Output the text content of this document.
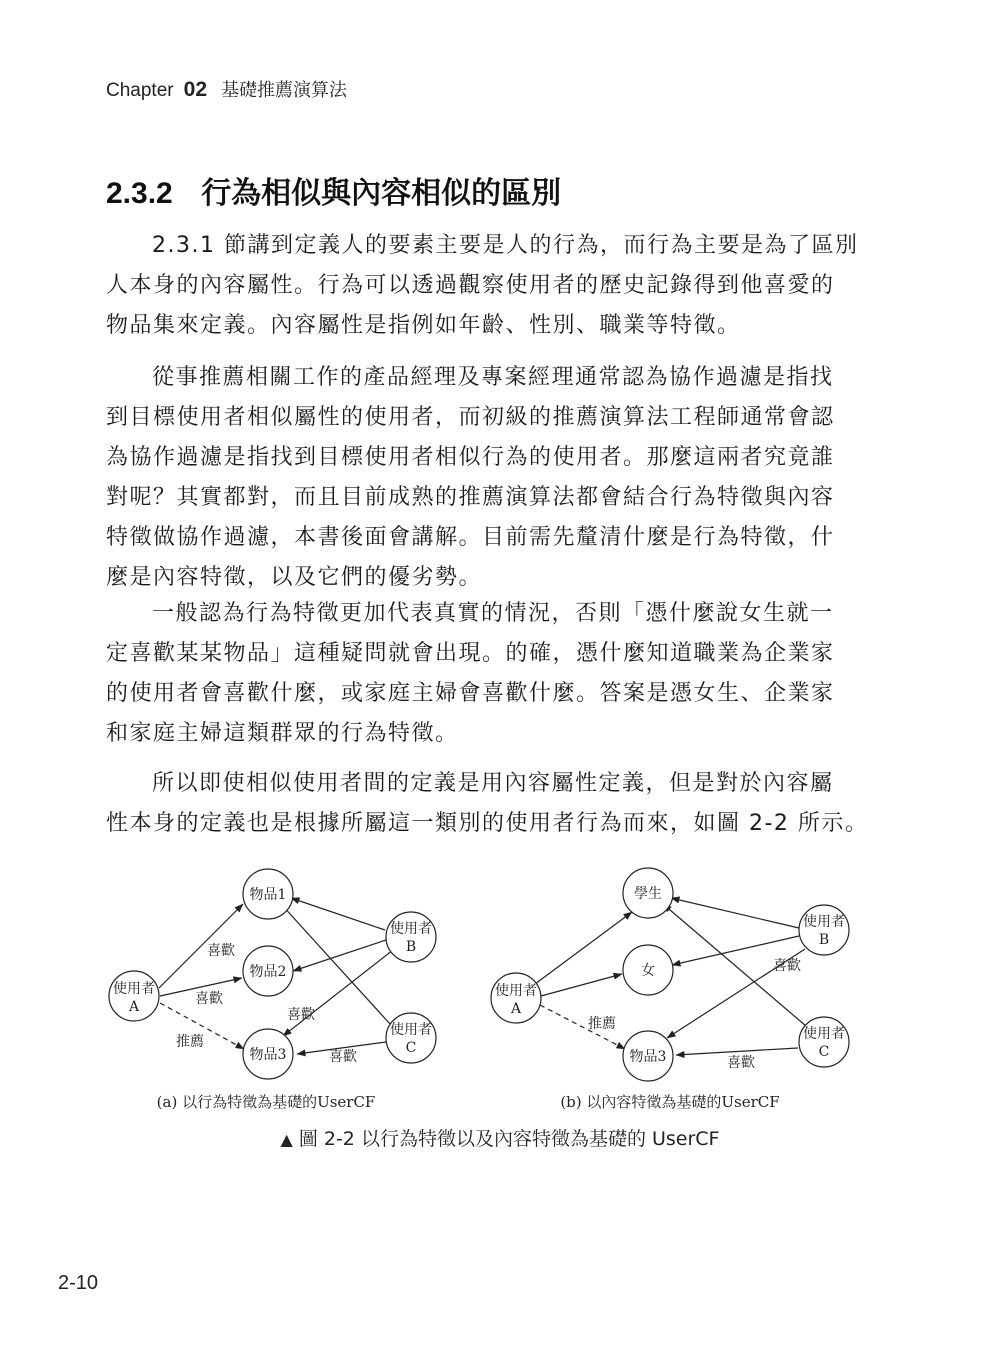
Chapter 02 基礎推薦演算法
2.3.2 行為相似與內容相似的區別

2.3.1 節講到定義人的要素主要是人的行為，而行為主要是為了區別
人本身的內容屬性。行為可以透過觀察使用者的歷史記錄得到他喜愛的
物品集來定義。內容屬性是指例如年齡、性別、職業等特徵。

從事推薦相關工作的產品經理及專案經理通常認為協作過濾是指找
到目標使用者相似屬性的使用者，而初級的推薦演算法工程師通常會認
為協作過濾是指找到目標使用者相似行為的使用者。那麼這兩者究竟誰
對呢？其實都對，而且目前成熟的推薦演算法都會結合行為特徵與內容
特徵做協作過濾，本書後面會講解。目前需先釐清什麼是行為特徵，什
麼是內容特徵，以及它們的優劣勢。

一般認為行為特徵更加代表真實的情況，否則「憑什麼說女生就一
定喜歡某某物品」這種疑問就會出現。的確，憑什麼知道職業為企業家
的使用者會喜歡什麼，或家庭主婦會喜歡什麼。答案是憑女生、企業家
和家庭主婦這類群眾的行為特徵。

所以即使相似使用者間的定義是用內容屬性定義，但是對於內容屬
性本身的定義也是根據所屬這一類別的使用者行為而來，如圖 2-2 所示。

物品1
物品2
物品3
使用者
A
使用者
B
使用者
C
喜歡
喜歡
喜歡
喜歡
推薦
(a) 以行為特徵為基礎的UserCF
學生
女
物品3
使用者
A
使用者
B
使用者
C
喜歡
喜歡
推薦
(b) 以內容特徵為基礎的UserCF
▲ 圖 2-2 以行為特徵以及內容特徵為基礎的 UserCF
2-10
